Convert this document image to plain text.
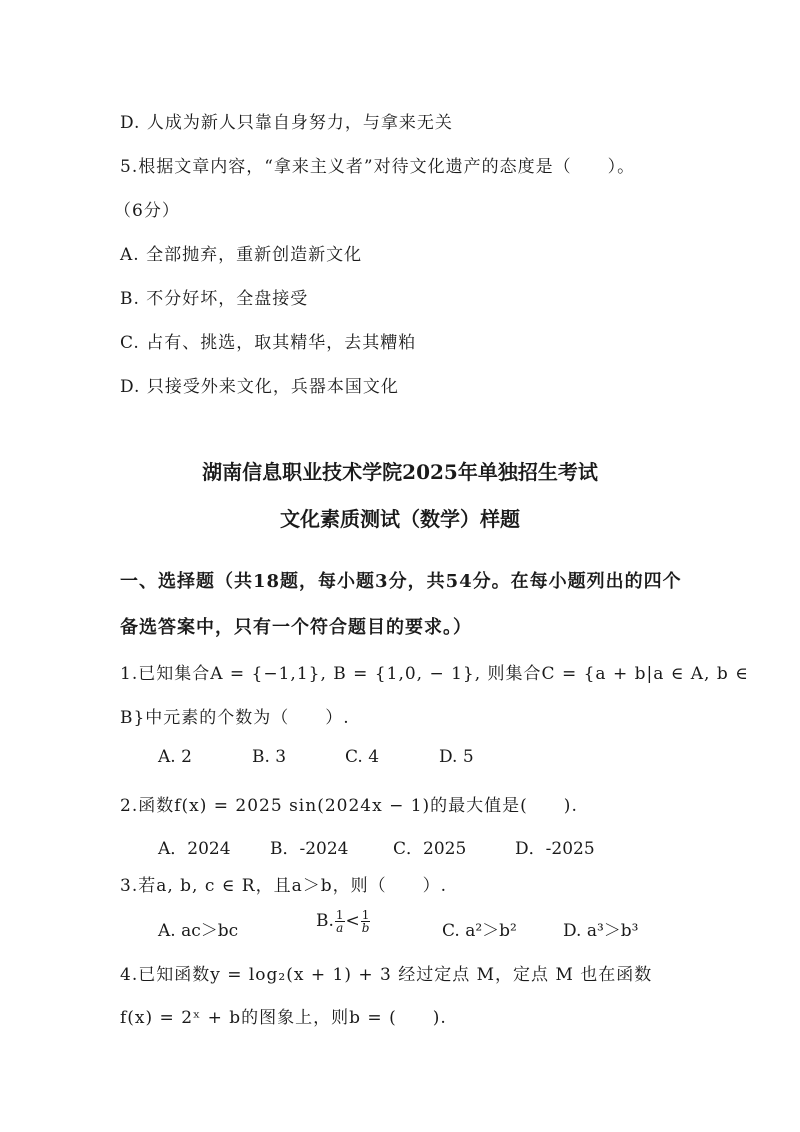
D. 人成为新人只靠自身努力，与拿来无关
5.根据文章内容，“拿来主义者”对待文化遗产的态度是（　　）。
（6分）
A. 全部抛弃，重新创造新文化
B. 不分好坏，全盘接受
C. 占有、挑选，取其精华，去其糟粕
D. 只接受外来文化，兵器本国文化
湖南信息职业技术学院2025年单独招生考试
文化素质测试（数学）样题
一、选择题（共18题，每小题3分，共54分。在每小题列出的四个
备选答案中，只有一个符合题目的要求。）
1.已知集合A = {−1,1}, B = {1,0, − 1}, 则集合C = {a + b|a ∈ A, b ∈
B}中元素的个数为（　　）.
A. 2	B. 3	C. 4	D. 5
2.函数f(x) = 2025 sin(2024x − 1)的最大值是(　　).
A．2024 B．-2024	C．2025	D．-2025
3.若a, b, c ∈ R，且a＞b，则（　　）.
A. ac＞bc	B. $\frac{1}{a} < \frac{1}{b}$	C. a²＞b²	D. a³＞b³
4.已知函数y = log₂(x + 1) + 3 经过定点 M，定点 M 也在函数
f(x) = 2ˣ + b的图象上，则b = (　　).
